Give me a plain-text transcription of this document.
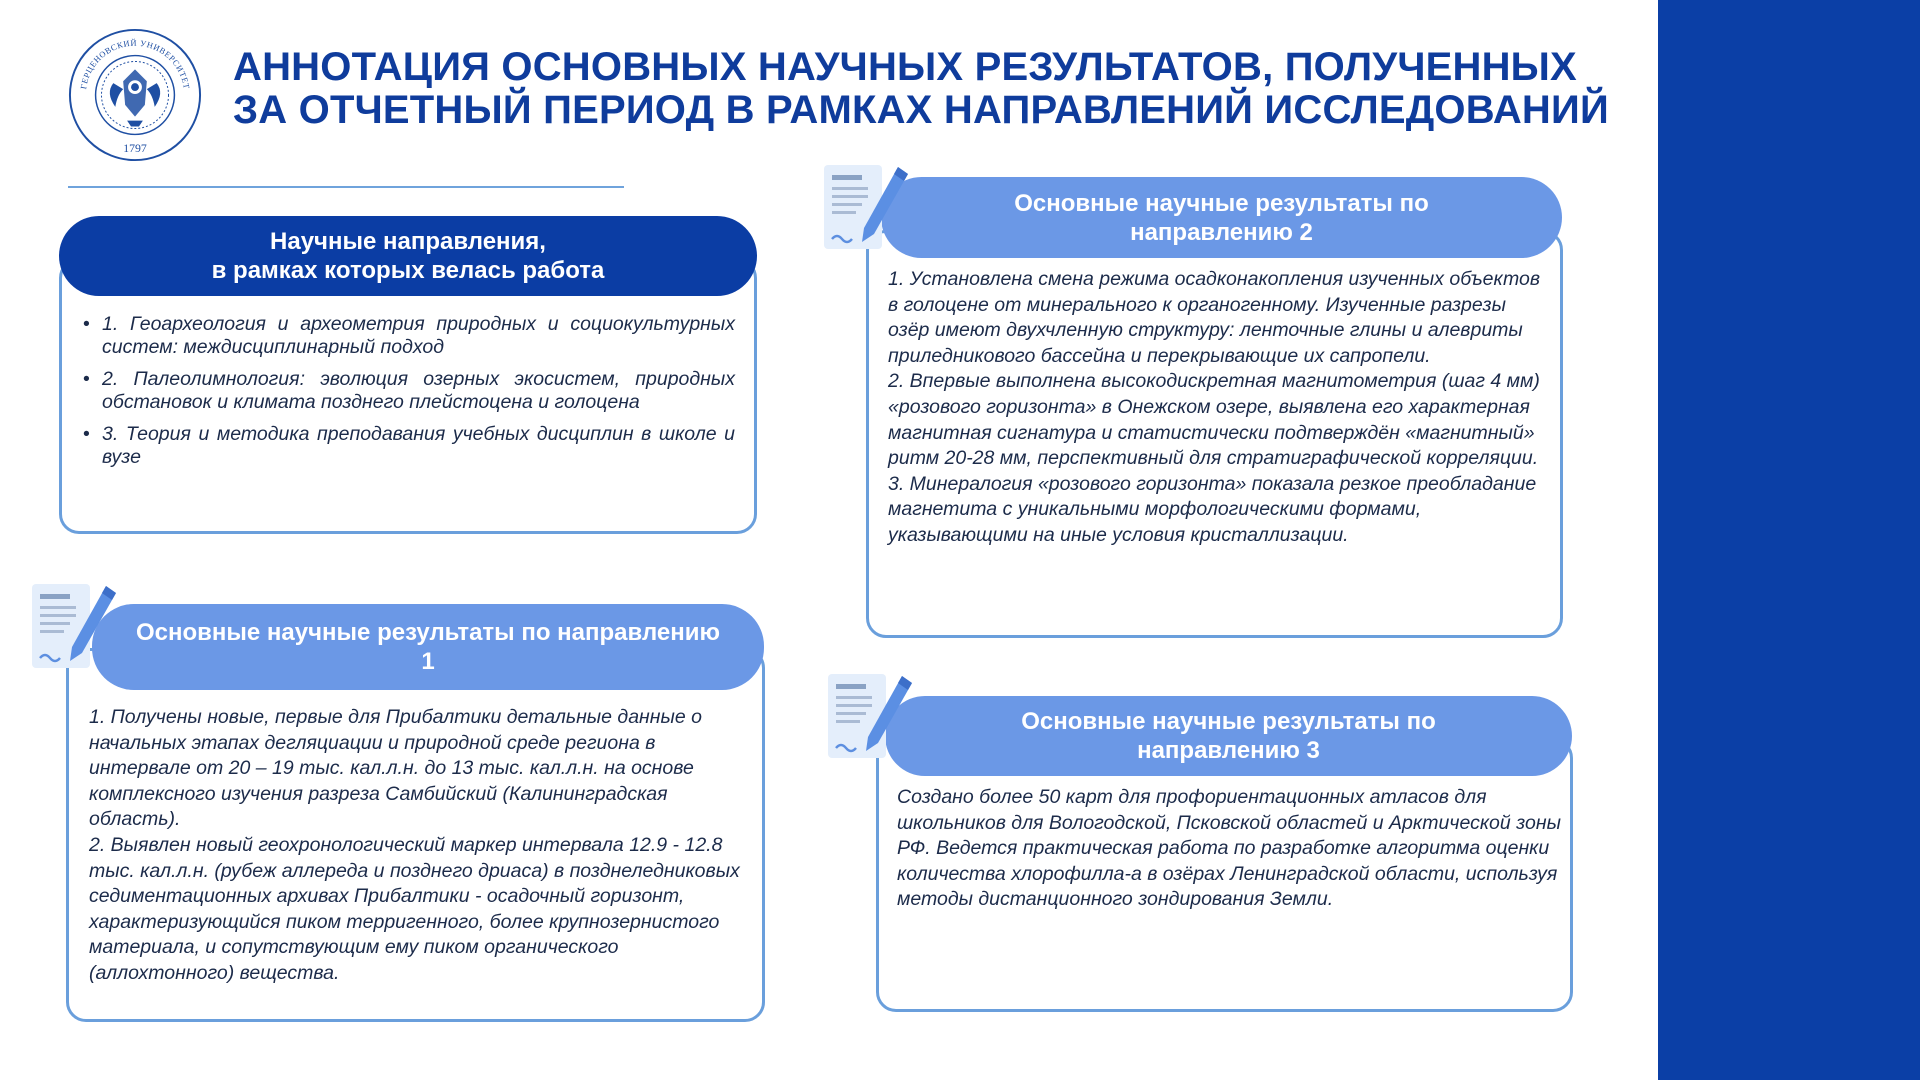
ГЕРЦЕНОВСКИЙ УНИВЕРСИТЕТ
1797
АННОТАЦИЯ ОСНОВНЫХ НАУЧНЫХ РЕЗУЛЬТАТОВ, ПОЛУЧЕННЫХ
ЗА ОТЧЕТНЫЙ ПЕРИОД В РАМКАХ НАПРАВЛЕНИЙ ИССЛЕДОВАНИЙ
• 1. Геоархеология и археометрия природных и социокультурных систем: междисциплинарный подход
• 2. Палеолимнология: эволюция озерных экосистем, природных обстановок и климата позднего плейстоцена и голоцена
• 3. Теория и методика преподавания учебных дисциплин в школе и вузе
Научные направления,
в рамках которых велась работа

1. Получены новые, первые для Прибалтики детальные данные о начальных этапах дегляциации и природной среде региона в интервале от 20 – 19 тыс. кал.л.н. до 13 тыс. кал.л.н. на основе комплексного изучения разреза Самбийский (Калининградская область).

2. Выявлен новый геохронологический маркер интервала 12.9 - 12.8 тыс. кал.л.н. (рубеж аллереда и позднего дриаса) в позднеледниковых седиментационных архивах Прибалтики - осадочный горизонт, характеризующийся пиком терригенного, более крупнозернистого материала, и сопутствующим ему пиком органического (аллохтонного) вещества.

Основные научные результаты по направлению
1

1. Установлена смена режима осадконакопления изученных объектов в голоцене от минерального к органогенному. Изученные разрезы озёр имеют двухчленную структуру: ленточные глины и алевриты приледникового бассейна и перекрывающие их сапропели.

2. Впервые выполнена высокодискретная магнитометрия (шаг 4 мм) «розового горизонта» в Онежском озере, выявлена его характерная магнитная сигнатура и статистически подтверждён «магнитный» ритм 20-28 мм, перспективный для стратиграфической корреляции.

3. Минералогия «розового горизонта» показала резкое преобладание магнетита с уникальными морфологическими формами, указывающими на иные условия кристаллизации.

Основные научные результаты по
направлению 2

Создано более 50 карт для профориентационных атласов для школьников для Вологодской, Псковской областей и Арктической зоны РФ. Ведется практическая работа по разработке алгоритма оценки количества хлорофилла-а в озёрах Ленинградской области, используя методы дистанционного зондирования Земли.

Основные научные результаты по
направлению 3
